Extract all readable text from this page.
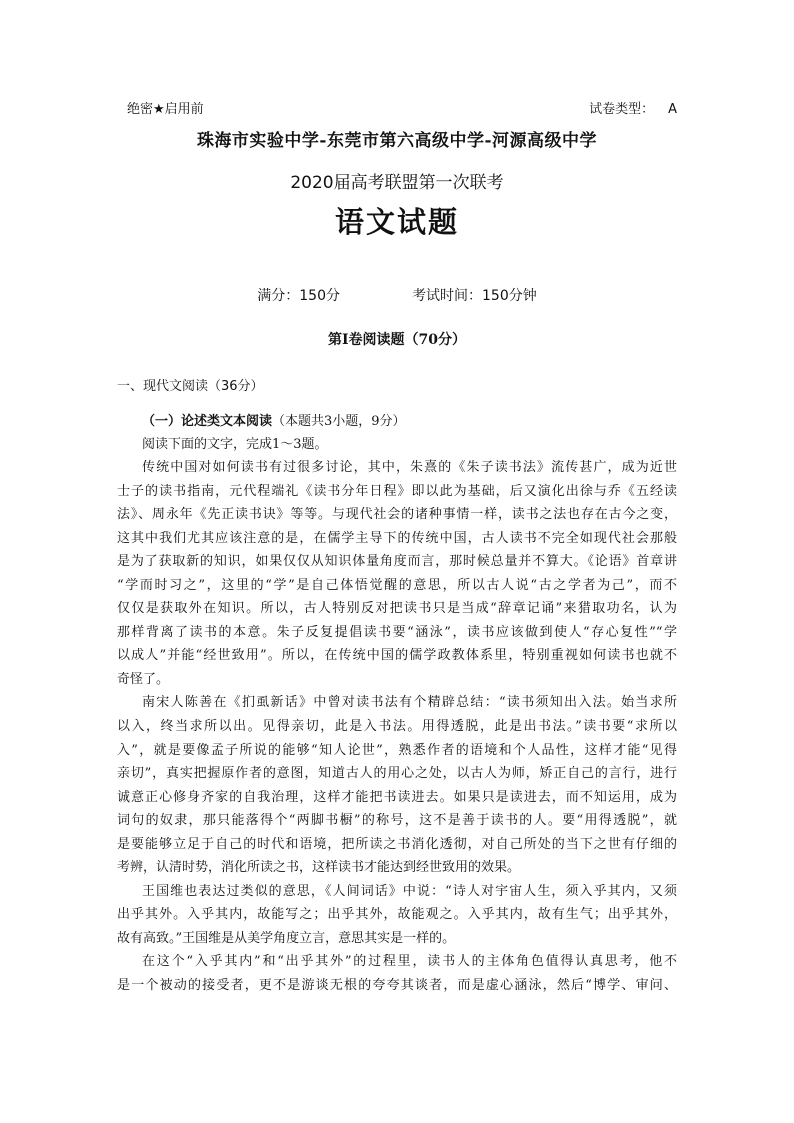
绝密★启用前	试卷类型： A
珠海市实验中学-东莞市第六高级中学-河源高级中学
2020届高考联盟第一次联考
语文试题
满分：150分	考试时间：150分钟
第Ⅰ卷阅读题（70分）
一、现代文阅读（36分）
（一）论述类文本阅读（本题共3小题，9分）
阅读下面的文字，完成1～3题。
传统中国对如何读书有过很多讨论，其中，朱熹的《朱子读书法》流传甚广，成为近世
士子的读书指南，元代程端礼《读书分年日程》即以此为基础，后又演化出徐与乔《五经读
法》、周永年《先正读书诀》等等。与现代社会的诸种事情一样，读书之法也存在古今之变，
这其中我们尤其应该注意的是，在儒学主导下的传统中国，古人读书不完全如现代社会那般
是为了获取新的知识，如果仅仅从知识体量角度而言，那时候总量并不算大。《论语》首章讲
“学而时习之”，这里的“学”是自己体悟觉醒的意思，所以古人说“古之学者为己”，而不
仅仅是获取外在知识。所以，古人特别反对把读书只是当成“辞章记诵”来猎取功名，认为
那样背离了读书的本意。朱子反复提倡读书要“涵泳”，读书应该做到使人“存心复性”“学
以成人”并能“经世致用”。所以，在传统中国的儒学政教体系里，特别重视如何读书也就不
奇怪了。
南宋人陈善在《扪虱新话》中曾对读书法有个精辟总结：“读书须知出入法。始当求所
以入，终当求所以出。见得亲切，此是入书法。用得透脱，此是出书法。”读书要“求所以
入”，就是要像孟子所说的能够“知人论世”，熟悉作者的语境和个人品性，这样才能“见得
亲切”，真实把握原作者的意图，知道古人的用心之处，以古人为师，矫正自己的言行，进行
诚意正心修身齐家的自我治理，这样才能把书读进去。如果只是读进去，而不知运用，成为
词句的奴隶，那只能落得个“两脚书橱”的称号，这不是善于读书的人。要“用得透脱”，就
是要能够立足于自己的时代和语境，把所读之书消化透彻，对自己所处的当下之世有仔细的
考辨，认清时势，消化所读之书，这样读书才能达到经世致用的效果。
王国维也表达过类似的意思，《人间词话》中说：“诗人对宇宙人生，须入乎其内，又须
出乎其外。入乎其内，故能写之；出乎其外，故能观之。入乎其内，故有生气；出乎其外，
故有高致。”王国维是从美学角度立言，意思其实是一样的。
在这个“入乎其内”和“出乎其外”的过程里，读书人的主体角色值得认真思考，他不
是一个被动的接受者，更不是游谈无根的夸夸其谈者，而是虚心涵泳，然后“博学、审问、
